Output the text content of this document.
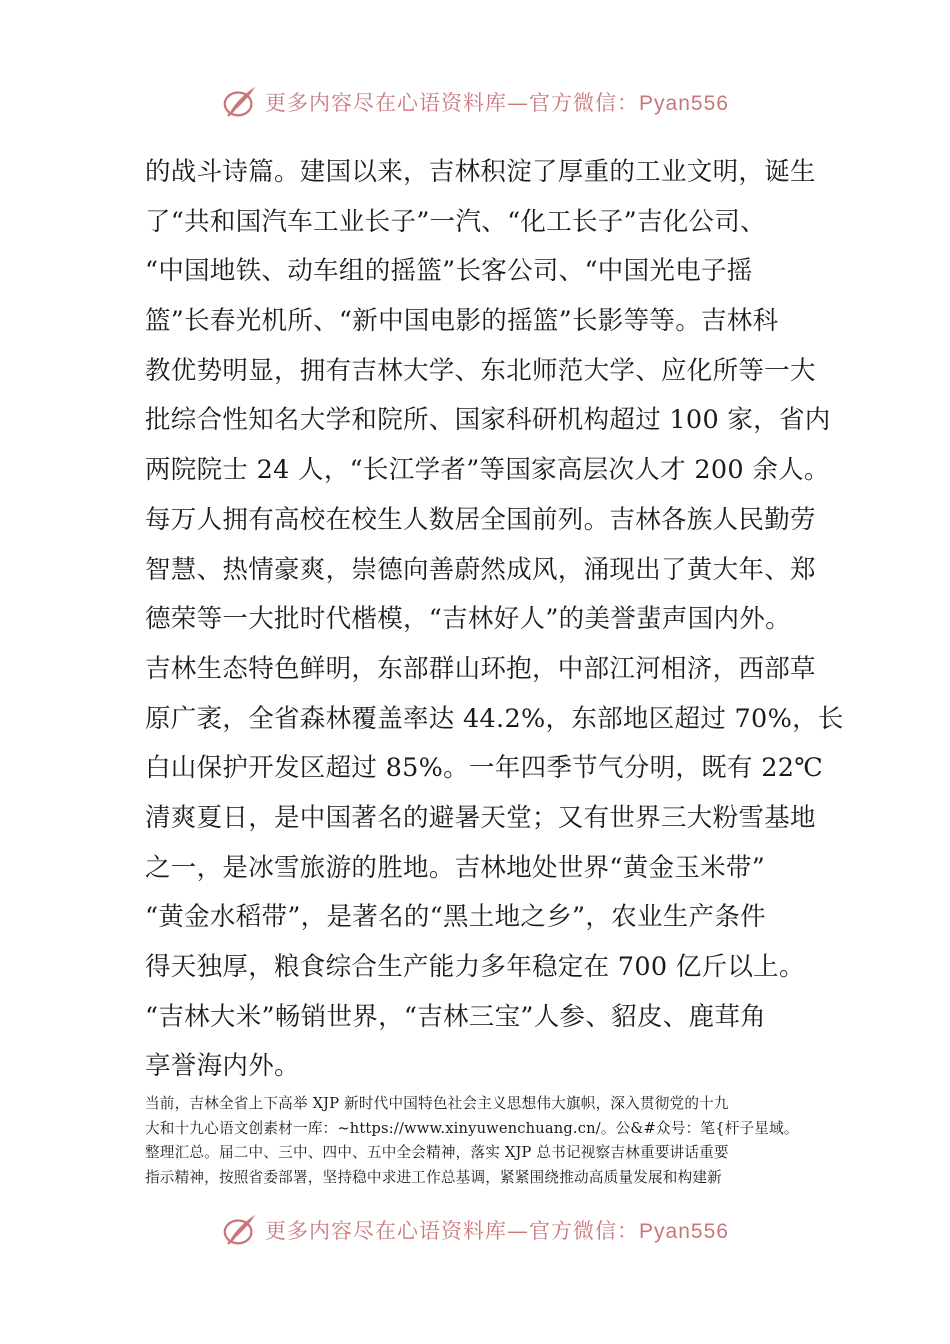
更多内容尽在心语资料库—官方微信：Pyan556
的战斗诗篇。建国以来，吉林积淀了厚重的工业文明，诞生
了“共和国汽车工业长子”一汽、“化工长子”吉化公司、
“中国地铁、动车组的摇篮”长客公司、“中国光电子摇
篮”长春光机所、“新中国电影的摇篮”长影等等。吉林科
教优势明显，拥有吉林大学、东北师范大学、应化所等一大
批综合性知名大学和院所、国家科研机构超过 100 家，省内
两院院士 24 人，“长江学者”等国家高层次人才 200 余人。
每万人拥有高校在校生人数居全国前列。吉林各族人民勤劳
智慧、热情豪爽，崇德向善蔚然成风，涌现出了黄大年、郑
德荣等一大批时代楷模，“吉林好人”的美誉蜚声国内外。
吉林生态特色鲜明，东部群山环抱，中部江河相济，西部草
原广袤，全省森林覆盖率达 44.2%，东部地区超过 70%，长
白山保护开发区超过 85%。一年四季节气分明，既有 22℃
清爽夏日，是中国著名的避暑天堂；又有世界三大粉雪基地
之一，是冰雪旅游的胜地。吉林地处世界“黄金玉米带”
“黄金水稻带”，是著名的“黑土地之乡”，农业生产条件
得天独厚，粮食综合生产能力多年稳定在 700 亿斤以上。
“吉林大米”畅销世界，“吉林三宝”人参、貂皮、鹿茸角
享誉海内外。
当前，吉林全省上下高举 XJP 新时代中国特色社会主义思想伟大旗帜，深入贯彻党的十九
大和十九心语文创素材一库：~https://www.xinyuwenchuang.cn/。公&#众号：笔{杆子星域。
整理汇总。届二中、三中、四中、五中全会精神，落实 XJP 总书记视察吉林重要讲话重要
指示精神，按照省委部署，坚持稳中求进工作总基调，紧紧围绕推动高质量发展和构建新
更多内容尽在心语资料库—官方微信：Pyan556
